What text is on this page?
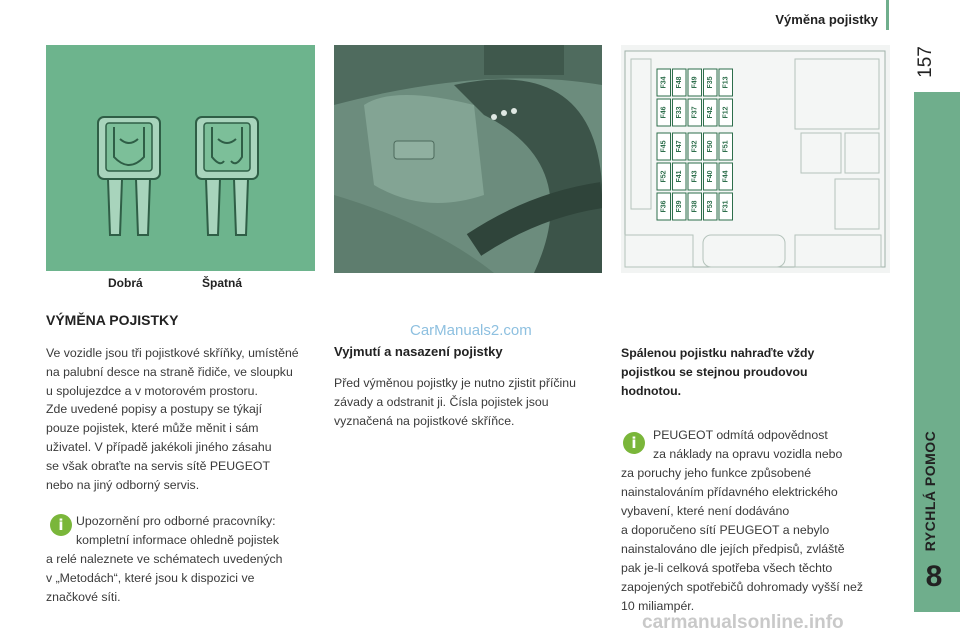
Výměna pojistky
157
RYCHLÁ POMOC
8
Dobrá	Špatná
F34 F48 F49 F35 F13
F46 F33 F37 F42 F12
F45 F47 F32 F50 F51
F52 F41 F43 F40 F44
F36 F39 F38 F53 F31
VÝMĚNA POJISTKY
Ve vozidle jsou tři pojistkové skříňky, umístěné
na palubní desce na straně řidiče, ve sloupku
u spolujezdce a v motorovém prostoru.
Zde uvedené popisy a postupy se týkají
pouze pojistek, které může měnit i sám
uživatel. V případě jakékoli jiného zásahu
se však obraťte na servis sítě PEUGEOT
nebo na jiný odborný servis.
i	Upozornění pro odborné pracovníky:
kompletní informace ohledně pojistek
a relé naleznete ve schématech uvedených
v „Metodách“, které jsou k dispozici ve
značkové síti.
Vyjmutí a nasazení pojistky
Před výměnou pojistky je nutno zjistit příčinu
závady a odstranit ji. Čísla pojistek jsou
vyznačená na pojistkové skříňce.
Spálenou pojistku nahraďte vždy
pojistkou se stejnou proudovou
hodnotou.
i	PEUGEOT odmítá odpovědnost
za náklady na opravu vozidla nebo
za poruchy jeho funkce způsobené
nainstalováním přídavného elektrického
vybavení, které není dodáváno
a doporučeno sítí PEUGEOT a nebylo
nainstalováno dle jejích předpisů, zvláště
pak je-li celková spotřeba všech těchto
zapojených spotřebičů dohromady vyšší než
10 miliampér.
CarManuals2.com
carmanualsonline.info
